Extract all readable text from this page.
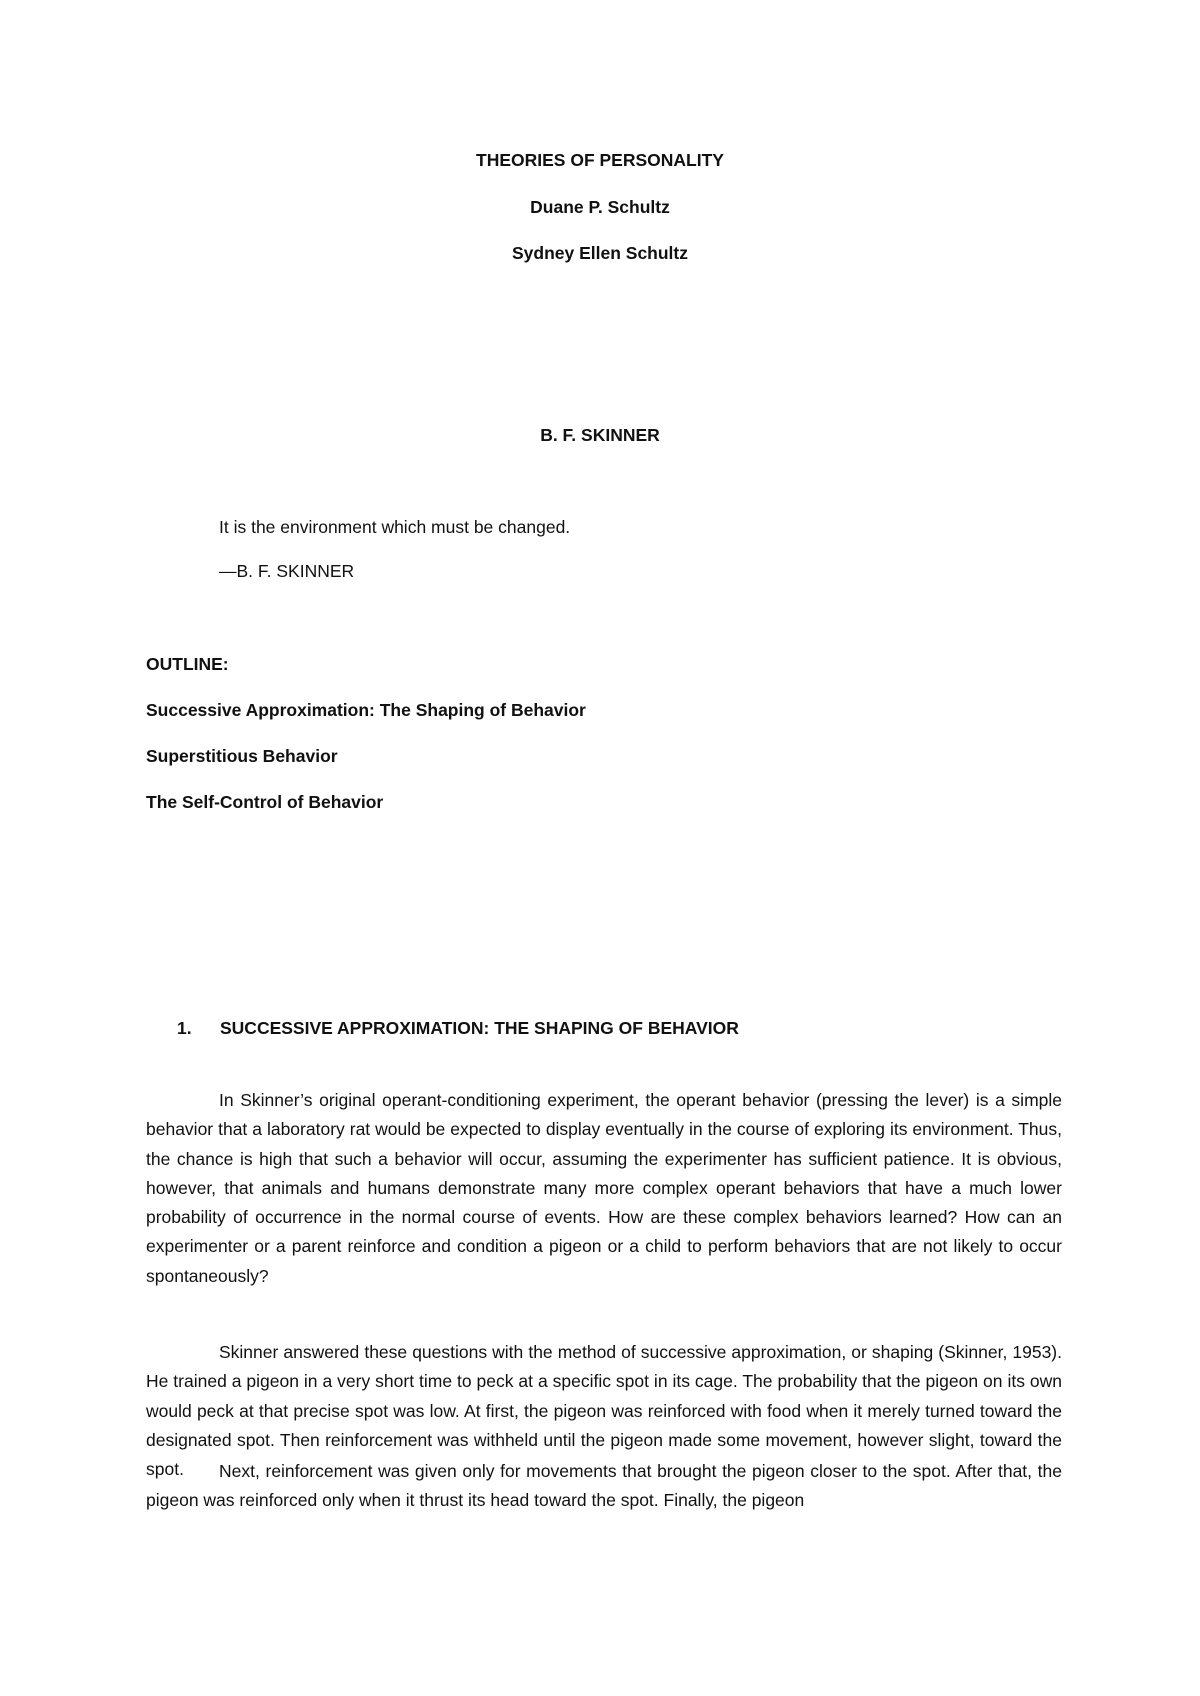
THEORIES OF PERSONALITY
Duane P. Schultz
Sydney Ellen Schultz
B. F. SKINNER
It is the environment which must be changed.
—B. F. SKINNER
OUTLINE:
Successive Approximation: The Shaping of Behavior
Superstitious Behavior
The Self-Control of Behavior
1. SUCCESSIVE APPROXIMATION: THE SHAPING OF BEHAVIOR

In Skinner’s original operant-conditioning experiment, the operant behavior (pressing the lever) is a simple behavior that a laboratory rat would be expected to display eventually in the course of exploring its environment. Thus, the chance is high that such a behavior will occur, assuming the experimenter has sufficient patience. It is obvious, however, that animals and humans demonstrate many more complex operant behaviors that have a much lower probability of occurrence in the normal course of events. How are these complex behaviors learned? How can an experimenter or a parent reinforce and condition a pigeon or a child to perform behaviors that are not likely to occur spontaneously?

Skinner answered these questions with the method of successive approximation, or shaping (Skinner, 1953). He trained a pigeon in a very short time to peck at a specific spot in its cage. The probability that the pigeon on its own would peck at that precise spot was low. At first, the pigeon was reinforced with food when it merely turned toward the designated spot. Then reinforcement was withheld until the pigeon made some movement, however slight, toward the spot.	Next, reinforcement was given only for movements that brought the pigeon closer to the spot. After that, the pigeon was reinforced only when it thrust its head toward the spot. Finally, the pigeon
